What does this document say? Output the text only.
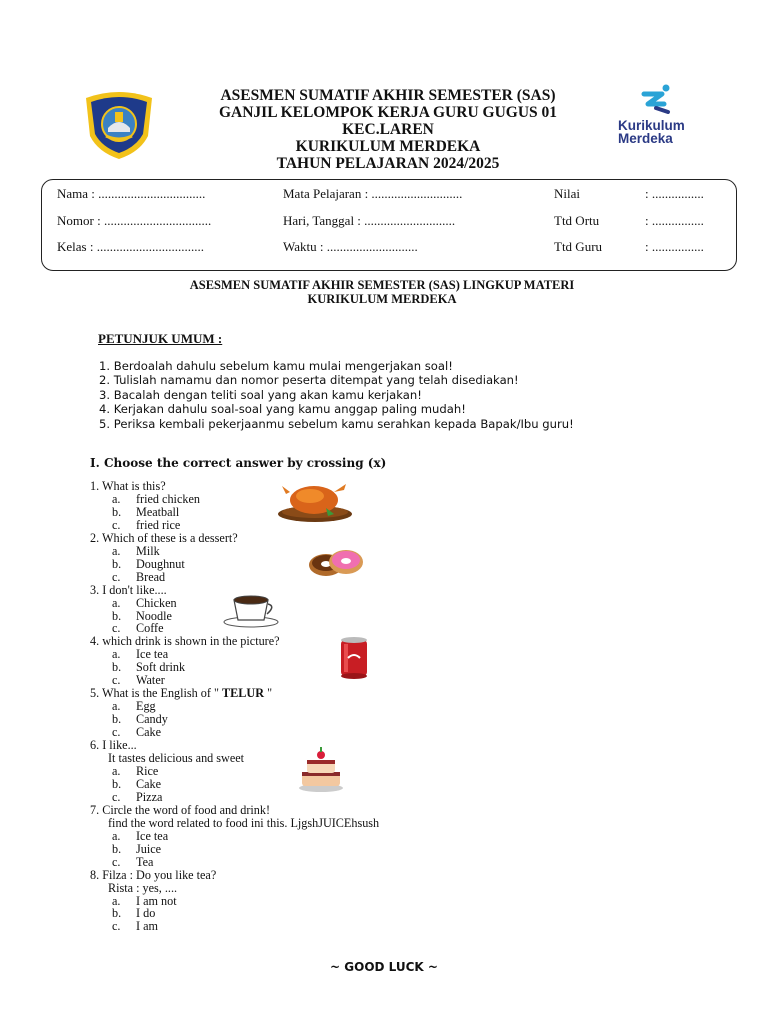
Kurikulum
Merdeka
ASESMEN SUMATIF AKHIR SEMESTER (SAS)
GANJIL KELOMPOK KERJA GURU GUGUS 01
KEC.LAREN
KURIKULUM MERDEKA
TAHUN PELAJARAN 2024/2025
Nama : .................................
Nomor : .................................
Kelas : .................................
Mata Pelajaran : ............................
Hari, Tanggal : ............................
Waktu : ............................
Nilai
Ttd Ortu
Ttd Guru
: ................
: ................
: ................
ASESMEN SUMATIF AKHIR SEMESTER (SAS) LINGKUP MATERI
KURIKULUM MERDEKA
PETUNJUK UMUM :
1. Berdoalah dahulu sebelum kamu mulai mengerjakan soal!
2. Tulislah namamu dan nomor peserta ditempat yang telah disediakan!
3. Bacalah dengan teliti soal yang akan kamu kerjakan!
4. Kerjakan dahulu soal-soal yang kamu anggap paling mudah!
5. Periksa kembali pekerjaanmu sebelum kamu serahkan kepada Bapak/Ibu guru!
I. Choose the correct answer by crossing (x)
1. What is this?
a. fried chicken
b. Meatball
c. fried rice
2. Which of these is a dessert?
a. Milk
b. Doughnut
c. Bread
3. I don't like....
a. Chicken
b. Noodle
c. Coffe
4. which drink is shown in the picture?
a. Ice tea
b. Soft drink
c. Water
5. What is the English of " TELUR "
a. Egg
b. Candy
c. Cake
6. I like...
It tastes delicious and sweet
a. Rice
b. Cake
c. Pizza
7. Circle the word of food and drink!
find the word related to food ini this. LjgshJUICEhsush
a. Ice tea
b. Juice
c. Tea
8. Filza : Do you like tea?
Rista : yes, ....
a. I am not
b. I do
c. I am
~ GOOD LUCK ~
